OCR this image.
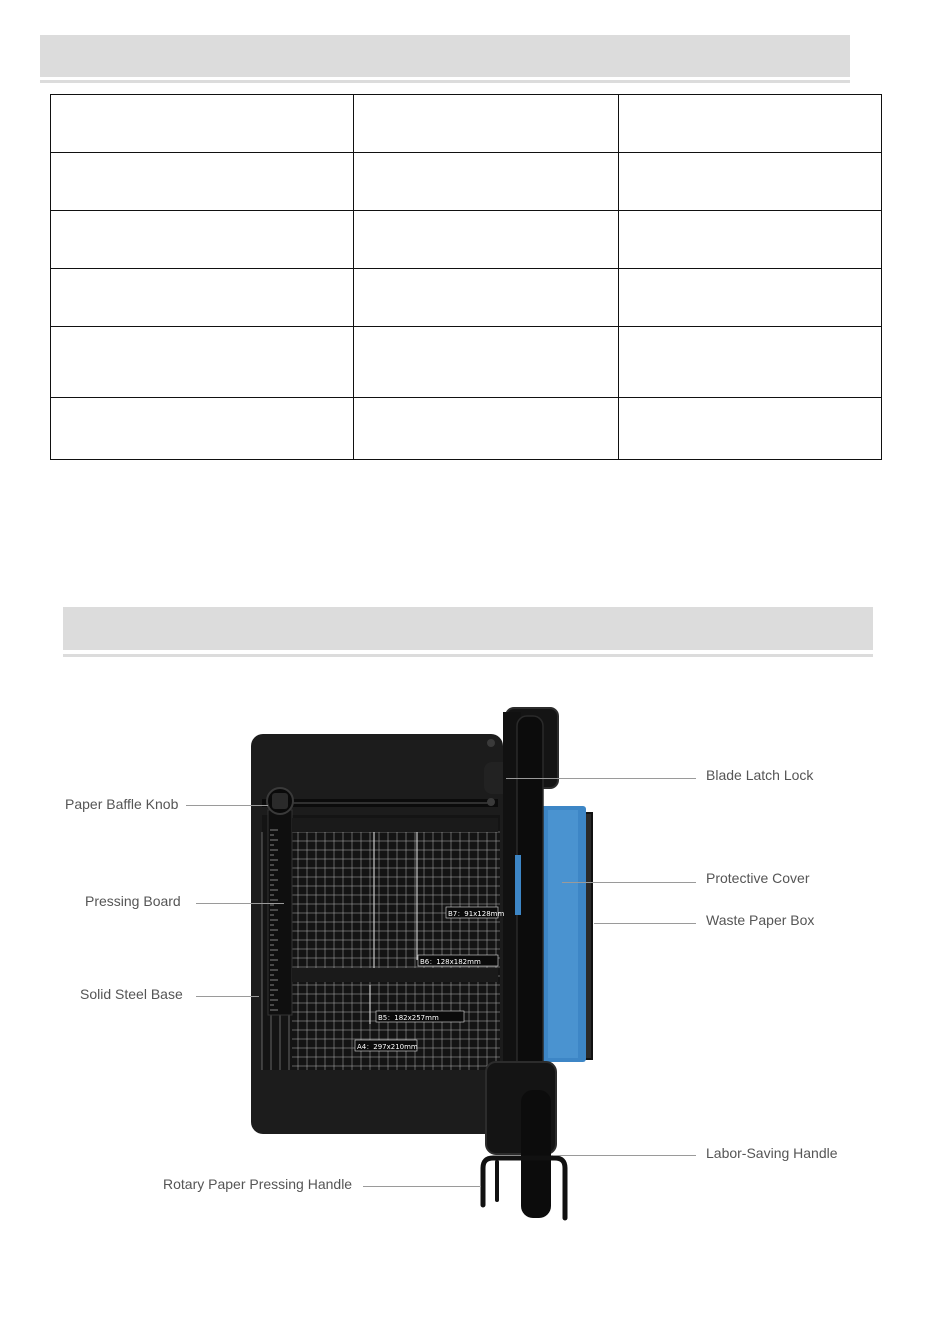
B7：91x128mm
B6：128x182mm
B5：182x257mm
A4：297x210mm
Paper Baffle Knob
Pressing Board
Solid Steel Base
Rotary Paper Pressing Handle
Blade Latch Lock
Protective Cover
Waste Paper Box
Labor-Saving Handle
